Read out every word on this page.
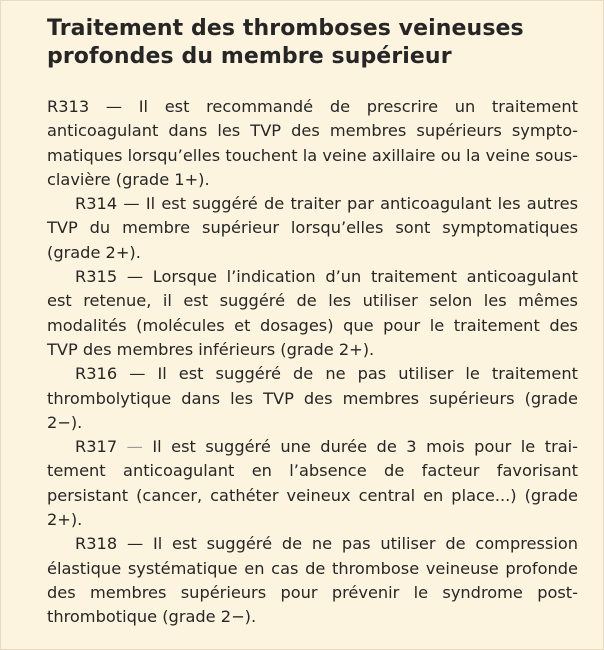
Traitement des thromboses veineuses profondes du membre supérieur

R313 — Il est recommandé de prescrire un traitement anticoagulant dans les TVP des membres supérieurs symptomatiques lorsqu’elles touchent la veine axillaire ou la veine sous-clavière (grade 1+).

R314 — Il est suggéré de traiter par anticoagulant les autres TVP du membre supérieur lorsqu’elles sont symptomatiques (grade 2+).

R315 — Lorsque l’indication d’un traitement anticoagulant est retenue, il est suggéré de les utiliser selon les mêmes modalités (molécules et dosages) que pour le traitement des TVP des membres inférieurs (grade 2+).

R316 — Il est suggéré de ne pas utiliser le traitement thrombolytique dans les TVP des membres supérieurs (grade 2−).

R317 — Il est suggéré une durée de 3 mois pour le traitement anticoagulant en l’absence de facteur favorisant persistant (cancer, cathéter veineux central en place...) (grade 2+).

R318 — Il est suggéré de ne pas utiliser de compression élastique systématique en cas de thrombose veineuse profonde des membres supérieurs pour prévenir le syndrome post-thrombotique (grade 2−).
